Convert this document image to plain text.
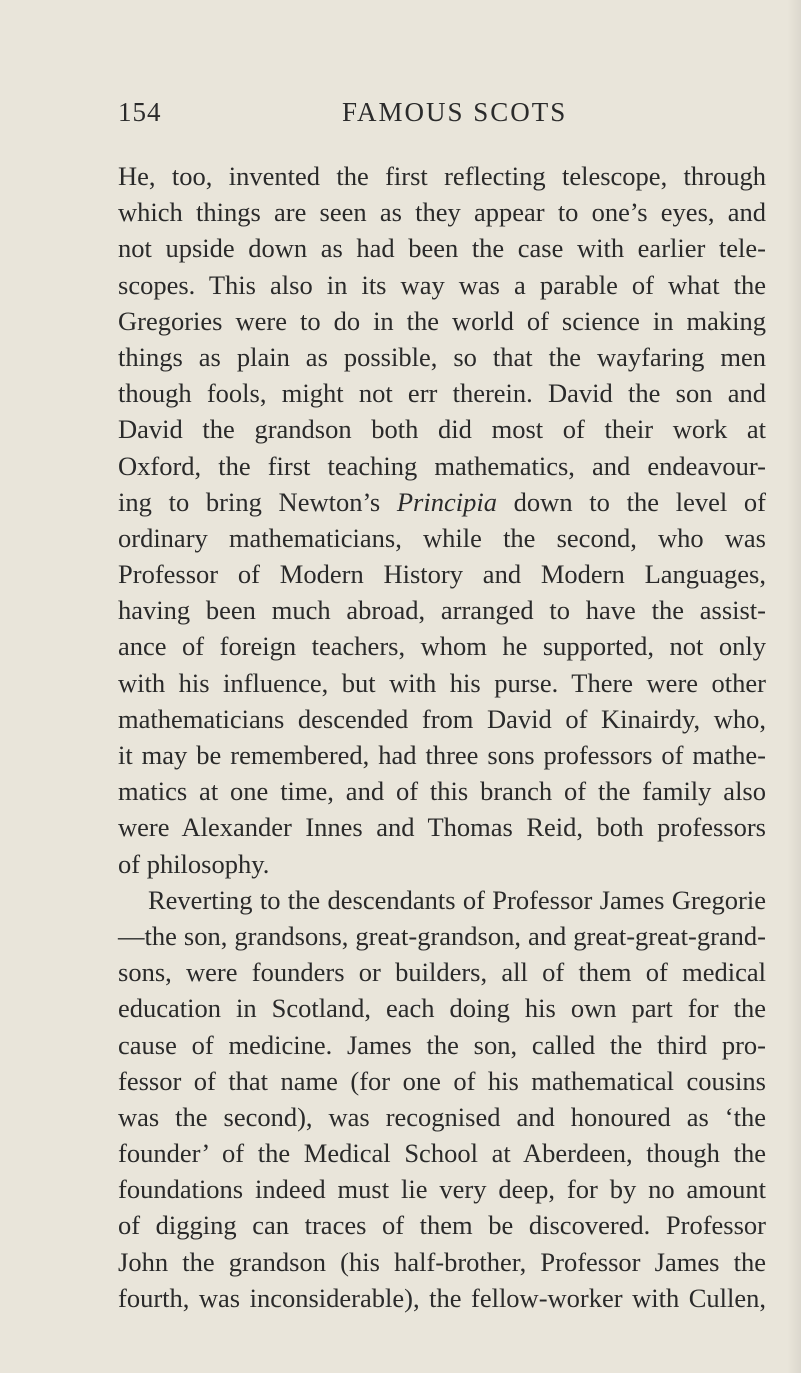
154	FAMOUS SCOTS
He, too, invented the first reflecting telescope, through
which things are seen as they appear to one’s eyes, and
not upside down as had been the case with earlier tele-
scopes. This also in its way was a parable of what the
Gregories were to do in the world of science in making
things as plain as possible, so that the wayfaring men
though fools, might not err therein. David the son and
David the grandson both did most of their work at
Oxford, the first teaching mathematics, and endeavour-
ing to bring Newton’s Principia down to the level of
ordinary mathematicians, while the second, who was
Professor of Modern History and Modern Languages,
having been much abroad, arranged to have the assist-
ance of foreign teachers, whom he supported, not only
with his influence, but with his purse. There were other
mathematicians descended from David of Kinairdy, who,
it may be remembered, had three sons professors of mathe-
matics at one time, and of this branch of the family also
were Alexander Innes and Thomas Reid, both professors
of philosophy.
Reverting to the descendants of Professor James Gregorie
—the son, grandsons, great-grandson, and great-great-grand-
sons, were founders or builders, all of them of medical
education in Scotland, each doing his own part for the
cause of medicine. James the son, called the third pro-
fessor of that name (for one of his mathematical cousins
was the second), was recognised and honoured as ‘the
founder’ of the Medical School at Aberdeen, though the
foundations indeed must lie very deep, for by no amount
of digging can traces of them be discovered. Professor
John the grandson (his half-brother, Professor James the
fourth, was inconsiderable), the fellow-worker with Cullen,
